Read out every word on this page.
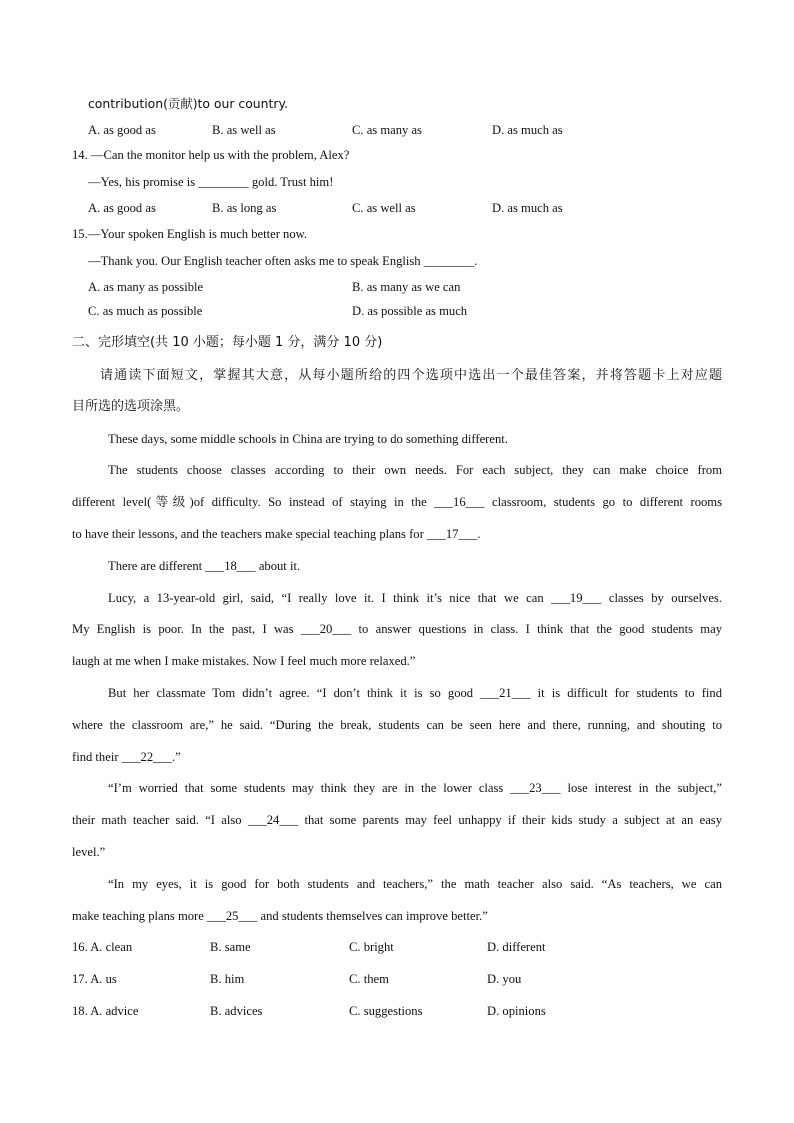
contribution(贡献)to our country.
A. as good as	B. as well as	C. as many as	D. as much as
14. —Can the monitor help us with the problem, Alex?
—Yes, his promise is ________ gold. Trust him!
A. as good as	B. as long as	C. as well as	D. as much as
15.—Your spoken English is much better now.
—Thank you. Our English teacher often asks me to speak English ________.
A. as many as possible	B. as many as we can
C. as much as possible	D. as possible as much
二、完形填空(共 10 小题；每小题 1 分，满分 10 分)
请通读下面短文，掌握其大意，从每小题所给的四个选项中选出一个最佳答案，并将答题卡上对应题
目所选的选项涂黑。
These days, some middle schools in China are trying to do something different.
The students choose classes according to their own needs. For each subject, they can make choice from
different level(等级)of difficulty. So instead of staying in the ___16___ classroom, students go to different rooms
to have their lessons, and the teachers make special teaching plans for ___17___.
There are different ___18___ about it.
Lucy, a 13-year-old girl, said, “I really love it. I think it’s nice that we can ___19___ classes by ourselves.
My English is poor. In the past, I was ___20___ to answer questions in class. I think that the good students may
laugh at me when I make mistakes. Now I feel much more relaxed.”
But her classmate Tom didn’t agree. “I don’t think it is so good ___21___ it is difficult for students to find
where the classroom are,” he said. “During the break, students can be seen here and there, running, and shouting to
find their ___22___.”
“I’m worried that some students may think they are in the lower class ___23___ lose interest in the subject,”
their math teacher said. “I also ___24___ that some parents may feel unhappy if their kids study a subject at an easy
level.”
“In my eyes, it is good for both students and teachers,” the math teacher also said. “As teachers, we can
make teaching plans more ___25___ and students themselves can improve better.”
16. A. clean	B. same	C. bright	D. different
17. A. us	B. him	C. them	D. you
18. A. advice	B. advices	C. suggestions	D. opinions
